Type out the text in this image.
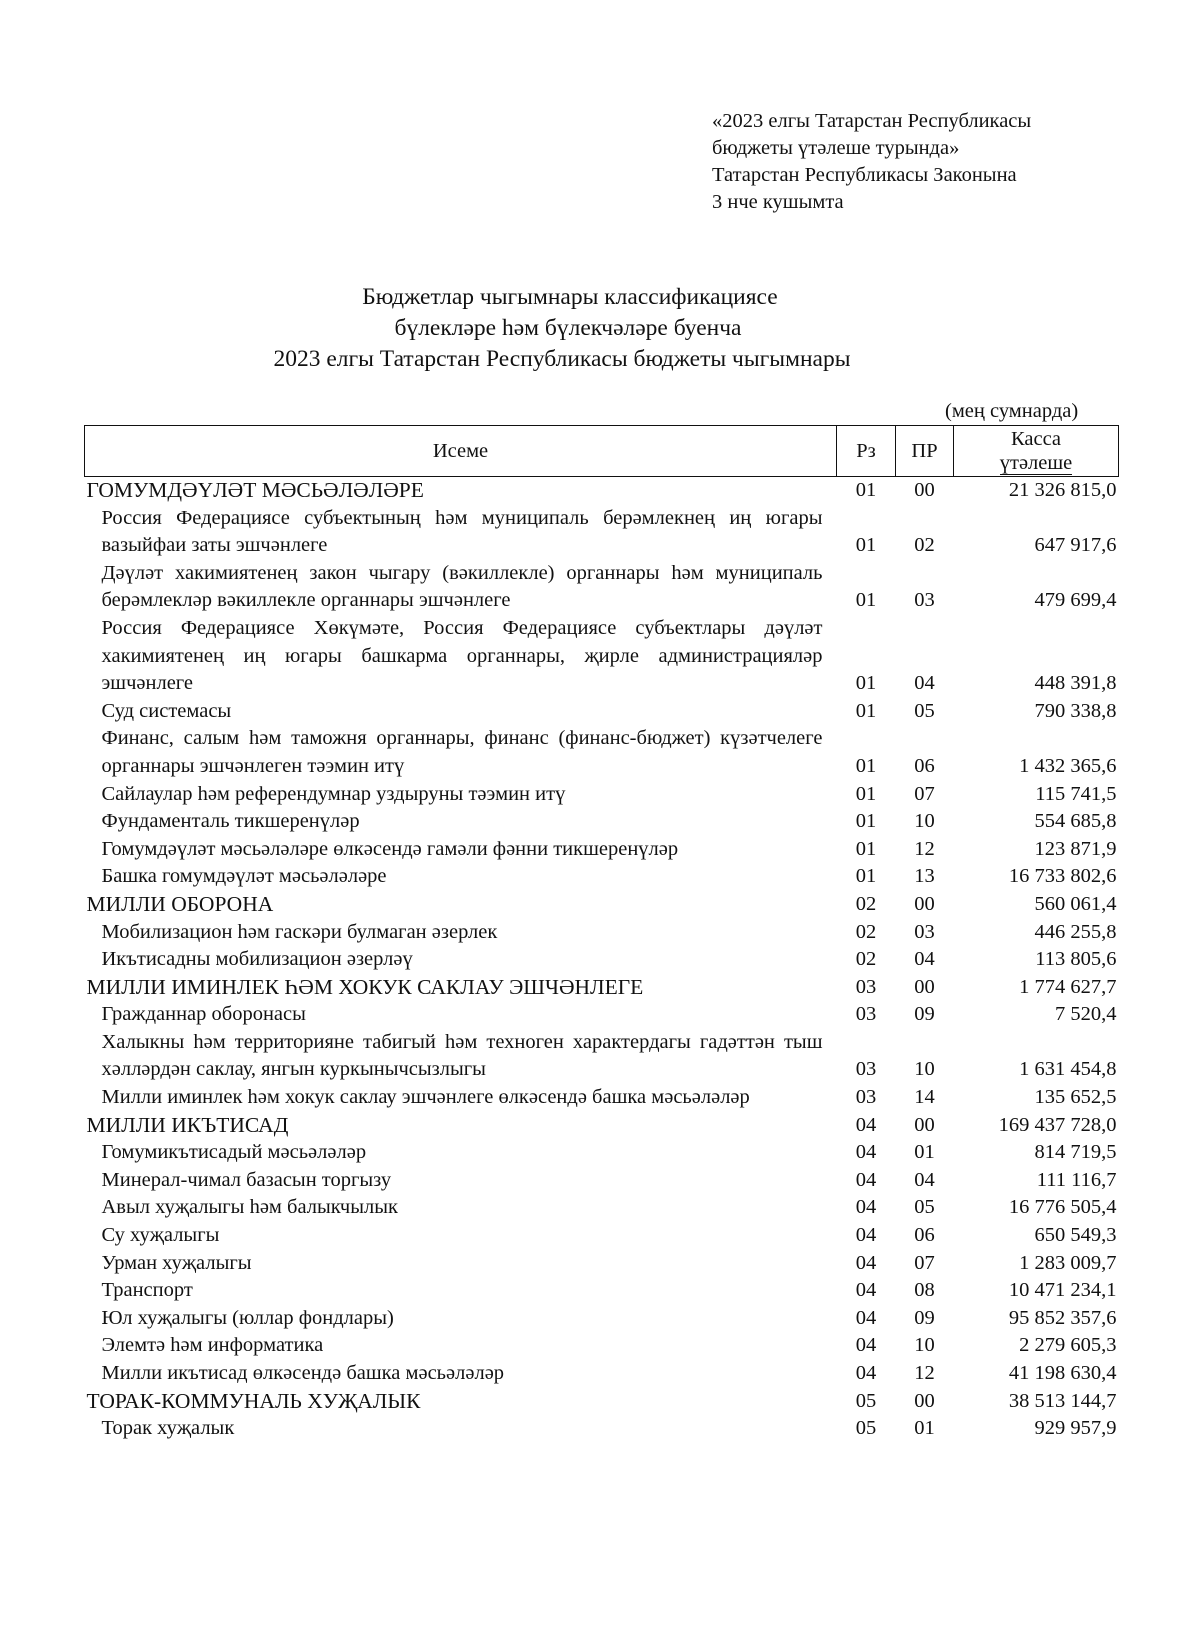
«2023 елгы Татарстан Республикасы
бюджеты үтәлеше турында»
Татарстан Республикасы Законына
3 нче кушымта
Бюджетлар чыгымнары классификациясе
бүлекләре һәм бүлекчәләре буенча
2023 елгы Татарстан Республикасы бюджеты чыгымнары
(мең сумнарда)
Исеме	Рз	ПР	Касса
үтәлеше
ГОМУМДӘҮЛӘТ МӘСЬӘЛӘЛӘРЕ	01	00	21 326 815,0
Россия Федерациясе субъектының һәм муниципаль берәмлекнең иң югары вазыйфаи заты эшчәнлеге	01	02	647 917,6
Дәүләт хакимиятенең закон чыгару (вәкиллекле) органнары һәм муниципаль берәмлекләр вәкиллекле органнары эшчәнлеге	01	03	479 699,4
Россия Федерациясе Хөкүмәте, Россия Федерациясе субъектлары дәүләт хакимиятенең иң югары башкарма органнары, җирле администрацияләр эшчәнлеге	01	04	448 391,8
Суд системасы	01	05	790 338,8
Финанс, салым һәм таможня органнары, финанс (финанс-бюджет) күзәтчелеге органнары эшчәнлеген тәэмин итү	01	06	1 432 365,6
Сайлаулар һәм референдумнар уздыруны тәэмин итү	01	07	115 741,5
Фундаменталь тикшеренүләр	01	10	554 685,8
Гомумдәүләт мәсьәләләре өлкәсендә гамәли фәнни тикшеренүләр	01	12	123 871,9
Башка гомумдәүләт мәсьәләләре	01	13	16 733 802,6
МИЛЛИ ОБОРОНА	02	00	560 061,4
Мобилизацион һәм гаскәри булмаган әзерлек	02	03	446 255,8
Икътисадны мобилизацион әзерләү	02	04	113 805,6
МИЛЛИ ИМИНЛЕК ҺӘМ ХОКУК САКЛАУ ЭШЧӘНЛЕГЕ	03	00	1 774 627,7
Гражданнар оборонасы	03	09	7 520,4
Халыкны һәм территорияне табигый һәм техноген характердагы гадәттән тыш хәлләрдән саклау, янгын куркынычсызлыгы	03	10	1 631 454,8
Милли иминлек һәм хокук саклау эшчәнлеге өлкәсендә башка мәсьәләләр	03	14	135 652,5
МИЛЛИ ИКЪТИСАД	04	00	169 437 728,0
Гомумикътисадый мәсьәләләр	04	01	814 719,5
Минерал-чимал базасын торгызу	04	04	111 116,7
Авыл хуҗалыгы һәм балыкчылык	04	05	16 776 505,4
Су хуҗалыгы	04	06	650 549,3
Урман хуҗалыгы	04	07	1 283 009,7
Транспорт	04	08	10 471 234,1
Юл хуҗалыгы (юллар фондлары)	04	09	95 852 357,6
Элемтә һәм информатика	04	10	2 279 605,3
Милли икътисад өлкәсендә башка мәсьәләләр	04	12	41 198 630,4
ТОРАК-КОММУНАЛЬ ХУҖАЛЫК	05	00	38 513 144,7
Торак хуҗалык	05	01	929 957,9
